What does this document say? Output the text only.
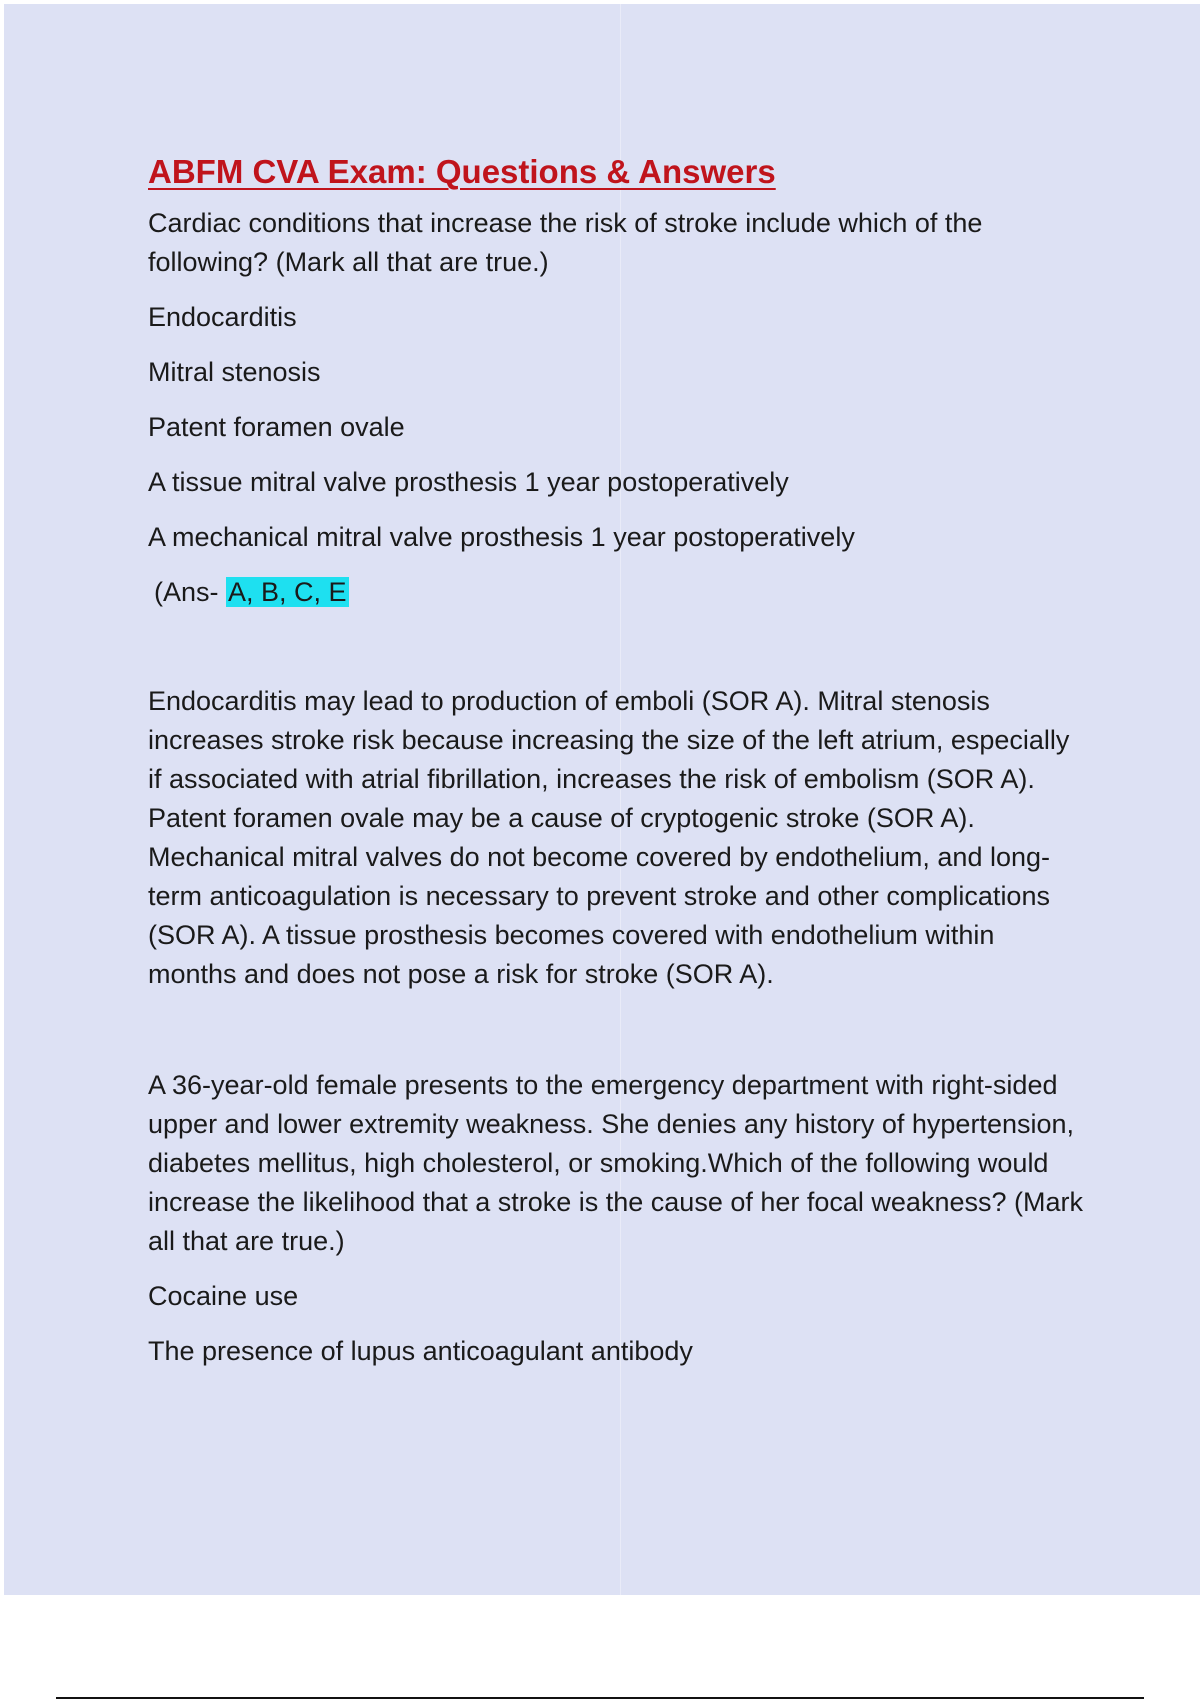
ABFM CVA Exam: Questions & Answers
Cardiac conditions that increase the risk of stroke include which of the following? (Mark all that are true.)
Endocarditis
Mitral stenosis
Patent foramen ovale
A tissue mitral valve prosthesis 1 year postoperatively
A mechanical mitral valve prosthesis 1 year postoperatively
(Ans- A, B, C, E
Endocarditis may lead to production of emboli (SOR A). Mitral stenosis increases stroke risk because increasing the size of the left atrium, especially if associated with atrial fibrillation, increases the risk of embolism (SOR A). Patent foramen ovale may be a cause of cryptogenic stroke (SOR A). Mechanical mitral valves do not become covered by endothelium, and long-term anticoagulation is necessary to prevent stroke and other complications (SOR A). A tissue prosthesis becomes covered with endothelium within months and does not pose a risk for stroke (SOR A).
A 36-year-old female presents to the emergency department with right-sided upper and lower extremity weakness. She denies any history of hypertension, diabetes mellitus, high cholesterol, or smoking.Which of the following would increase the likelihood that a stroke is the cause of her focal weakness? (Mark all that are true.)
Cocaine use
The presence of lupus anticoagulant antibody
